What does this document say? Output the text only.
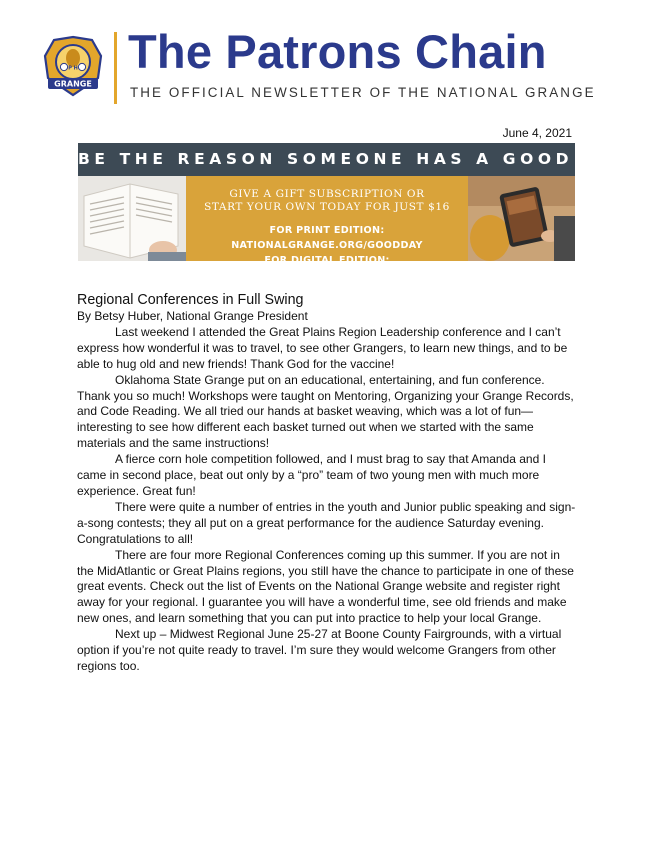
P H
GRANGE
The Patrons Chain
THE OFFICIAL NEWSLETTER OF THE NATIONAL GRANGE
June 4, 2021
BE THE REASON SOMEONE HAS A GOOD DAY!
GIVE A GIFT SUBSCRIPTION OR
START YOUR OWN TODAY FOR JUST $16
FOR PRINT EDITION: NATIONALGRANGE.ORG/GOODDAY
FOR DIGITAL EDITION: ISSUU.COM/GRANGEGOODDAY
Regional Conferences in Full Swing

By Betsy Huber, National Grange President

Last weekend I attended the Great Plains Region Leadership conference and I can’t express how wonderful it was to travel, to see other Grangers, to learn new things, and to be able to hug old and new friends! Thank God for the vaccine!

Oklahoma State Grange put on an educational, entertaining, and fun conference. Thank you so much! Workshops were taught on Mentoring, Organizing your Grange Records, and Code Reading. We all tried our hands at basket weaving, which was a lot of fun—interesting to see how different each basket turned out when we started with the same materials and the same instructions!

A fierce corn hole competition followed, and I must brag to say that Amanda and I came in second place, beat out only by a “pro” team of two young men with much more experience. Great fun!

There were quite a number of entries in the youth and Junior public speaking and sign-a-song contests; they all put on a great performance for the audience Saturday evening. Congratulations to all!

There are four more Regional Conferences coming up this summer. If you are not in the MidAtlantic or Great Plains regions, you still have the chance to participate in one of these great events. Check out the list of Events on the National Grange website and register right away for your regional. I guarantee you will have a wonderful time, see old friends and make new ones, and learn something that you can put into practice to help your local Grange.

Next up – Midwest Regional June 25-27 at Boone County Fairgrounds, with a virtual option if you’re not quite ready to travel. I’m sure they would welcome Grangers from other regions too.
